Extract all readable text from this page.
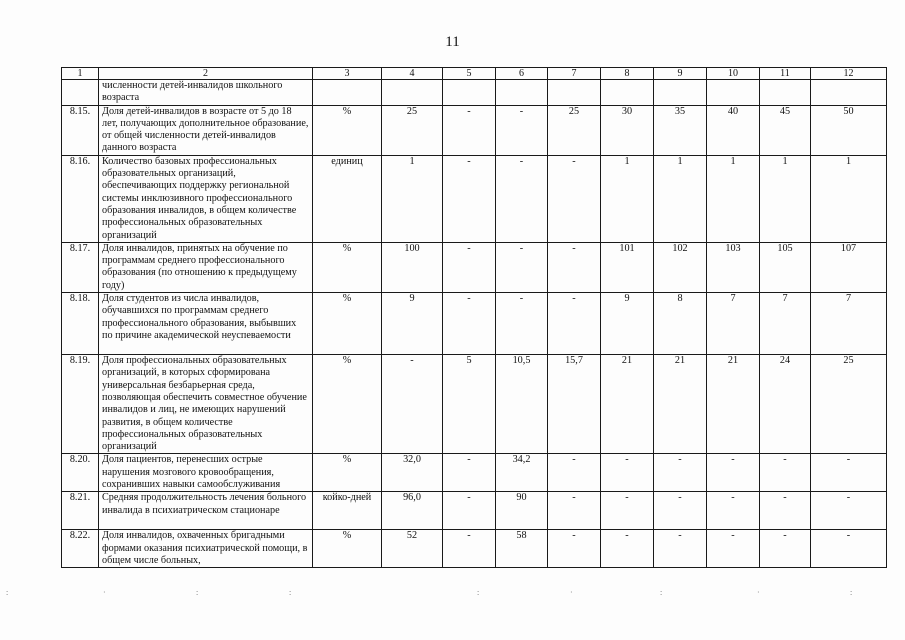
11
1	2	3	4	5	6	7	8	9	10	11	12
	численности детей-инвалидов школьного возраста										
8.15.	Доля детей-инвалидов в возрасте от 5 до 18 лет, получающих дополнительное образование, от общей численности детей-инвалидов данного возраста	%	25	-	-	25	30	35	40	45	50
8.16.	Количество базовых профессиональных образовательных организаций, обеспечивающих поддержку региональной системы инклюзивного профессионального образования инвалидов, в общем количестве профессиональных образовательных организаций	единиц	1	-	-	-	1	1	1	1	1
8.17.	Доля инвалидов, принятых на обучение по программам среднего профессионального образования (по отношению к предыдущему году)	%	100	-	-	-	101	102	103	105	107
8.18.	Доля студентов из числа инвалидов, обучавшихся по программам среднего профессионального образования, выбывших по причине академической неуспеваемости	%	9	-	-	-	9	8	7	7	7
8.19.	Доля профессиональных образовательных организаций, в которых сформирована универсальная безбарьерная среда, позволяющая обеспечить совместное обучение инвалидов и лиц, не имеющих нарушений развития, в общем количестве профессиональных образовательных организаций	%	-	5	10,5	15,7	21	21	21	24	25
8.20.	Доля пациентов, перенесших острые нарушения мозгового кровообращения, сохранивших навыки самообслуживания	%	32,0	-	34,2	-	-	-	-	-	-
8.21.	Средняя продолжительность лечения больного инвалида в психиатрическом стационаре	койко-дней	96,0	-	90	-	-	-	-	-	-
8.22.	Доля инвалидов, охваченных бригадными формами оказания психиатрической помощи, в общем числе больных,	%	52	-	58	-	-	-	-	-	-
:	·	:	:	:	·	:	·	:
